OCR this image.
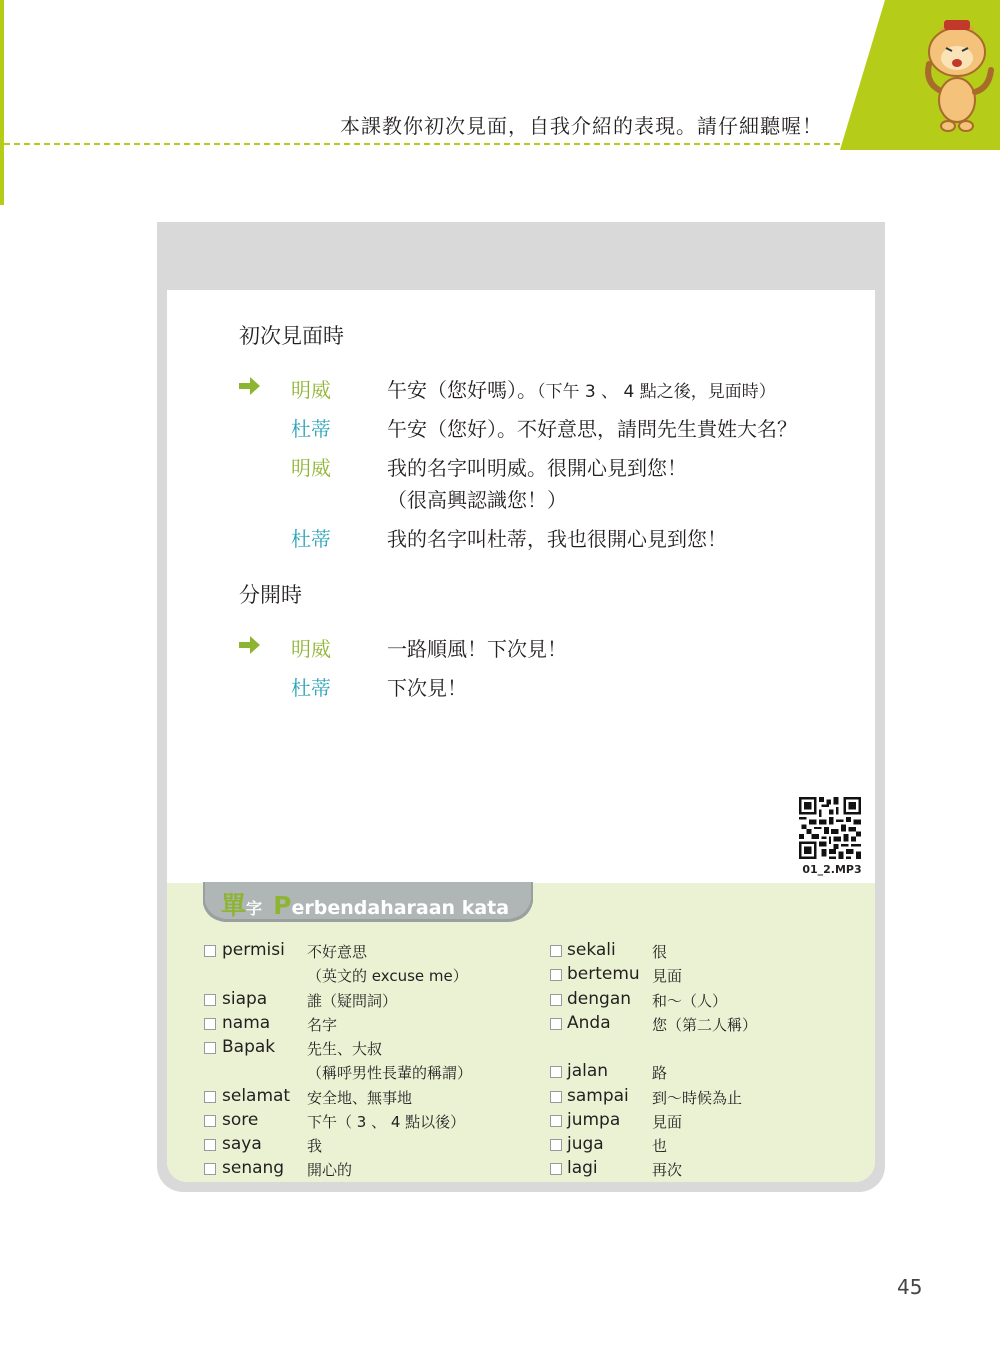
本課教你初次見面，自我介紹的表現。請仔細聽喔！
初次見面時
明威	午安（您好嗎）。（下午 3 、 4 點之後，見面時）
杜蒂	午安（您好）。不好意思，請問先生貴姓大名？
明威	我的名字叫明威。很開心見到您！
（很高興認識您！）
杜蒂	我的名字叫杜蒂，我也很開心見到您！
分開時
明威	一路順風！下次見！
杜蒂	下次見！
01_2.MP3
單字 Perbendaharaan kata
permisi 不好意思
（英文的 excuse me）
siapa	誰（疑問詞）
nama 名字
Bapak 先生、大叔
（稱呼男性長輩的稱謂）
selamat 安全地、無事地
sore	下午（ 3 、 4 點以後）
saya	我
senang 開心的
sekali 很
bertemu 見面
dengan 和～（人）
Anda	您（第二人稱）
jalan	路
sampai 到～時候為止
jumpa 見面
juga	也
lagi	再次
45
